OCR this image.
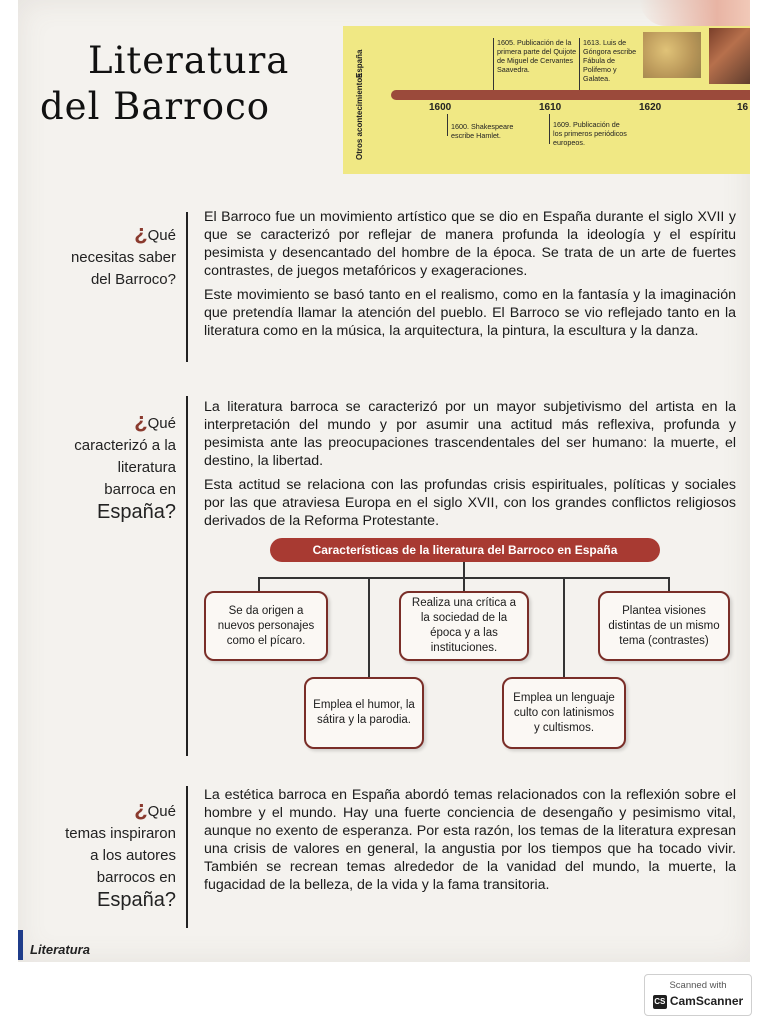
Literatura
del Barroco
España
Otros acontecimientos
1605. Publicación de la primera parte del Quijote de Miguel de Cervantes Saavedra.
1613. Luis de Góngora escribe Fábula de Polifemo y Galatea.
1600	1610	1620	16
1600. Shakespeare escribe Hamlet.
1609. Publicación de los primeros periódicos europeos.
¿Qué
necesitas saber
del Barroco?

El Barroco fue un movimiento artístico que se dio en España durante el siglo XVII y que se caracterizó por reflejar de manera profunda la ideología y el espíritu pesimista y desencantado del hombre de la época. Se trata de un arte de fuertes contrastes, de juegos metafóricos y exageraciones.

Este movimiento se basó tanto en el realismo, como en la fantasía y la imaginación que pretendía llamar la atención del pueblo. El Barroco se vio reflejado tanto en la literatura como en la música, la arquitectura, la pintura, la escultura y la danza.

¿Qué
caracterizó a la
literatura
barroca en
España?

La literatura barroca se caracterizó por un mayor subjetivismo del artista en la interpretación del mundo y por asumir una actitud más reflexiva, profunda y pesimista ante las preocupaciones trascendentales del ser humano: la muerte, el destino, la libertad.

Esta actitud se relaciona con las profundas crisis espirituales, políticas y sociales por las que atraviesa Europa en el siglo XVII, con los grandes conflictos religiosos derivados de la Reforma Protestante.

Características de la literatura del Barroco en España
Se da origen a nuevos personajes como el pícaro.
Realiza una crítica a la sociedad de la época y a las instituciones.
Plantea visiones distintas de un mismo tema (contrastes)
Emplea el humor, la sátira y la parodia.
Emplea un lenguaje culto con latinismos y cultismos.
¿Qué
temas inspiraron
a los autores
barrocos en
España?

La estética barroca en España abordó temas relacionados con la reflexión sobre el hombre y el mundo. Hay una fuerte conciencia de desengaño y pesimismo vital, aunque no exento de esperanza. Por esta razón, los temas de la literatura expresan una crisis de valores en general, la angustia por los tiempos que ha tocado vivir. También se recrean temas alrededor de la vanidad del mundo, la muerte, la fugacidad de la belleza, de la vida y la fama transitoria.

Literatura
Scanned with
CS CamScanner
